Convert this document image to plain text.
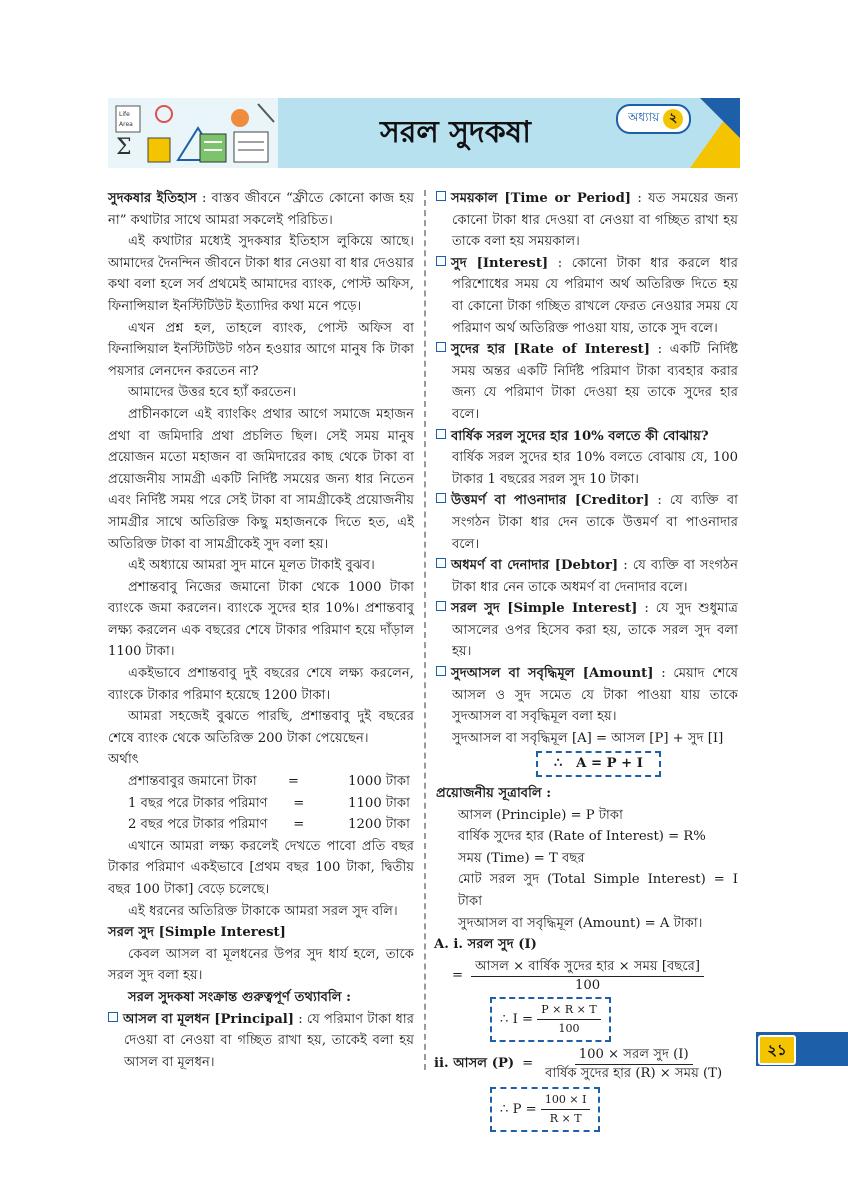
Life
Area
Σ	সরল সুদকষা	অধ্যায় ২

সুদকষার ইতিহাস : বাস্তব জীবনে “ফ্রীতে কোনো কাজ হয় না” কথাটার সাথে আমরা সকলেই পরিচিত।

এই কথাটার মধ্যেই সুদকষার ইতিহাস লুকিয়ে আছে। আমাদের দৈনন্দিন জীবনে টাকা ধার নেওয়া বা ধার দেওয়ার কথা বলা হলে সর্ব প্রথমেই আমাদের ব্যাংক, পোস্ট অফিস, ফিনান্সিয়াল ইনস্টিটিউট ইত্যাদির কথা মনে পড়ে।

এখন প্রশ্ন হল, তাহলে ব্যাংক, পোস্ট অফিস বা ফিনান্সিয়াল ইনস্টিটিউট গঠন হওয়ার আগে মানুষ কি টাকা পয়সার লেনদেন করতেন না?

আমাদের উত্তর হবে হ্যাঁ করতেন।

প্রাচীনকালে এই ব্যাংকিং প্রথার আগে সমাজে মহাজন প্রথা বা জমিদারি প্রথা প্রচলিত ছিল। সেই সময় মানুষ প্রয়োজন মতো মহাজন বা জমিদারের কাছ থেকে টাকা বা প্রয়োজনীয় সামগ্রী একটি নির্দিষ্ট সময়ের জন্য ধার নিতেন এবং নির্দিষ্ট সময় পরে সেই টাকা বা সামগ্রীকেই প্রয়োজনীয় সামগ্রীর সাথে অতিরিক্ত কিছু মহাজনকে দিতে হত, এই অতিরিক্ত টাকা বা সামগ্রীকেই সুদ বলা হয়।

এই অধ্যায়ে আমরা সুদ মানে মূলত টাকাই বুঝব।

প্রশান্তবাবু নিজের জমানো টাকা থেকে 1000 টাকা ব্যাংকে জমা করলেন। ব্যাংকে সুদের হার 10%। প্রশান্তবাবু লক্ষ্য করলেন এক বছরের শেষে টাকার পরিমাণ হয়ে দাঁড়াল 1100 টাকা।

একইভাবে প্রশান্তবাবু দুই বছরের শেষে লক্ষ্য করলেন, ব্যাংকে টাকার পরিমাণ হয়েছে 1200 টাকা।

আমরা সহজেই বুঝতে পারছি, প্রশান্তবাবু দুই বছরের শেষে ব্যাংক থেকে অতিরিক্ত 200 টাকা পেয়েছেন।

অর্থাৎ

প্রশান্তবাবুর জমানো টাকা	=	1000 টাকা
1 বছর পরে টাকার পরিমাণ	=	1100 টাকা
2 বছর পরে টাকার পরিমাণ	=	1200 টাকা

এখানে আমরা লক্ষ্য করলেই দেখতে পাবো প্রতি বছর টাকার পরিমাণ একইভাবে [প্রথম বছর 100 টাকা, দ্বিতীয় বছর 100 টাকা] বেড়ে চলেছে।

এই ধরনের অতিরিক্ত টাকাকে আমরা সরল সুদ বলি।

সরল সুদ [Simple Interest]

কেবল আসল বা মূলধনের উপর সুদ ধার্য হলে, তাকে সরল সুদ বলা হয়।

সরল সুদকষা সংক্রান্ত গুরুত্বপূর্ণ তথ্যাবলি :

আসল বা মূলধন [Principal] : যে পরিমাণ টাকা ধার দেওয়া বা নেওয়া বা গচ্ছিত রাখা হয়, তাকেই বলা হয় আসল বা মূলধন।

সময়কাল [Time or Period] : যত সময়ের জন্য কোনো টাকা ধার দেওয়া বা নেওয়া বা গচ্ছিত রাখা হয় তাকে বলা হয় সময়কাল।

সুদ [Interest] : কোনো টাকা ধার করলে ধার পরিশোধের সময় যে পরিমাণ অর্থ অতিরিক্ত দিতে হয় বা কোনো টাকা গচ্ছিত রাখলে ফেরত নেওয়ার সময় যে পরিমাণ অর্থ অতিরিক্ত পাওয়া যায়, তাকে সুদ বলে।

সুদের হার [Rate of Interest] : একটি নির্দিষ্ট সময় অন্তর একটি নির্দিষ্ট পরিমাণ টাকা ব্যবহার করার জন্য যে পরিমাণ টাকা দেওয়া হয় তাকে সুদের হার বলে।

বার্ষিক সরল সুদের হার 10% বলতে কী বোঝায়?

বার্ষিক সরল সুদের হার 10% বলতে বোঝায় যে, 100 টাকার 1 বছরের সরল সুদ 10 টাকা।

উত্তমর্ণ বা পাওনাদার [Creditor] : যে ব্যক্তি বা সংগঠন টাকা ধার দেন তাকে উত্তমর্ণ বা পাওনাদার বলে।

অধমর্ণ বা দেনাদার [Debtor] : যে ব্যক্তি বা সংগঠন টাকা ধার নেন তাকে অধমর্ণ বা দেনাদার বলে।

সরল সুদ [Simple Interest] : যে সুদ শুধুমাত্র আসলের ওপর হিসেব করা হয়, তাকে সরল সুদ বলা হয়।

সুদআসল বা সবৃদ্ধিমূল [Amount] : মেয়াদ শেষে আসল ও সুদ সমেত যে টাকা পাওয়া যায় তাকে সুদআসল বা সবৃদ্ধিমূল বলা হয়।

সুদআসল বা সবৃদ্ধিমূল [A] = আসল [P] + সুদ [I]

∴ A = P + I

প্রয়োজনীয় সূত্রাবলি :

আসল (Principle) = P টাকা

বার্ষিক সুদের হার (Rate of Interest) = R%

সময় (Time) = T বছর

মোট সরল সুদ (Total Simple Interest) = I টাকা

সুদআসল বা সবৃদ্ধিমূল (Amount) = A টাকা।

A. i. সরল সুদ (I)

= $\frac{\text{আসল × বার্ষিক সুদের হার × সময় [বছরে]}}{100}$
∴ $I = \frac{P \times R \times T}{100}$
ii. আসল $(P) = \frac{\text{100 × সরল সুদ (I)}}{\text{বার্ষিক সুদের হার (R) × সময় (T)}}$
∴ $P = \frac{100 \times I}{R \times T}$
২১
